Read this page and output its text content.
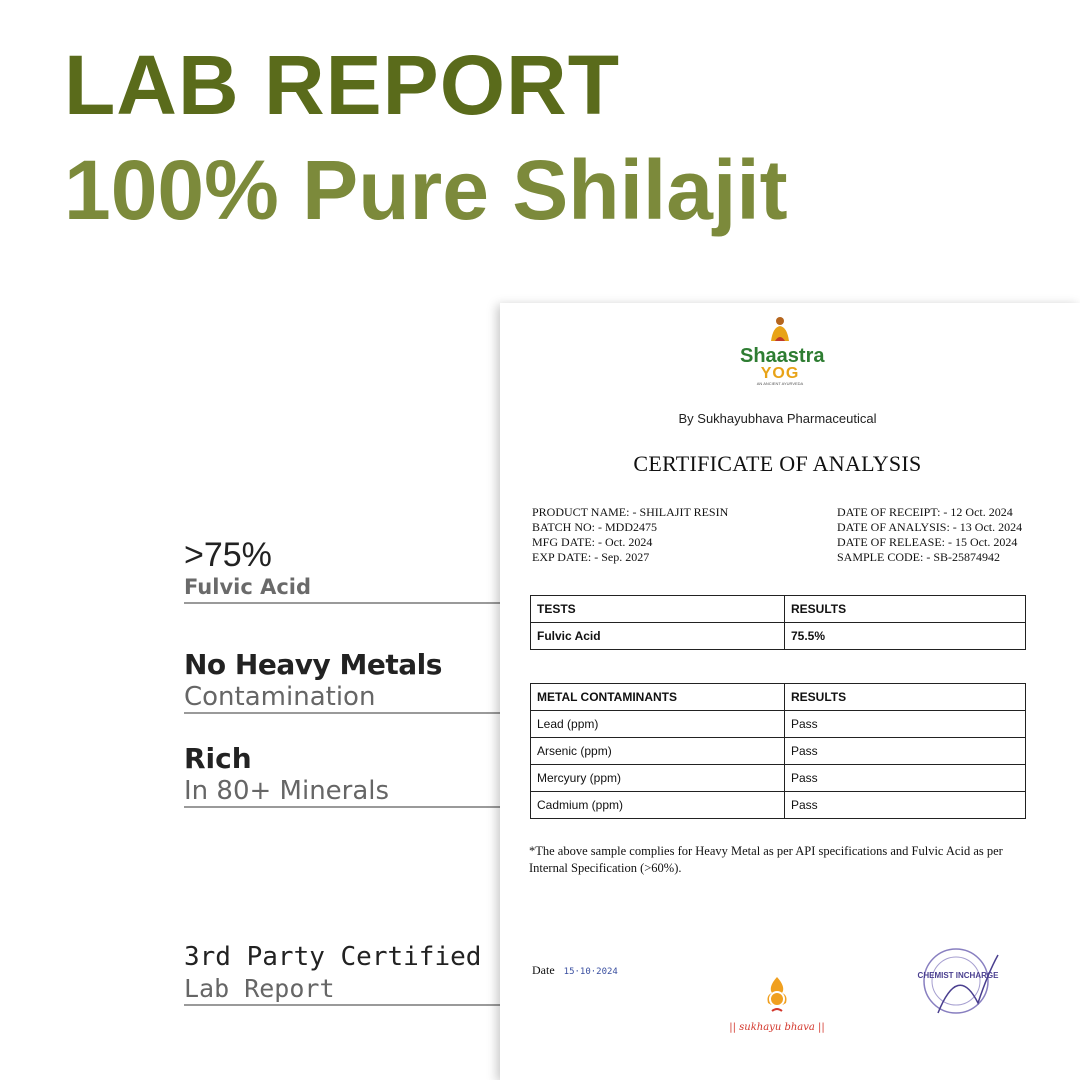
LAB REPORT
100% Pure Shilajit
>75%
Fulvic Acid
No Heavy Metals
Contamination
Rich
In 80+ Minerals
3rd Party Certified
Lab Report
Shaastra
YOG
AN ANCIENT AYURVEDA
By Sukhayubhava Pharmaceutical
CERTIFICATE OF ANALYSIS
PRODUCT NAME: - SHILAJIT RESIN
BATCH NO: - MDD2475
MFG DATE: - Oct. 2024
EXP DATE: - Sep. 2027
DATE OF RECEIPT: - 12 Oct. 2024
DATE OF ANALYSIS: - 13 Oct. 2024
DATE OF RELEASE: - 15 Oct. 2024
SAMPLE CODE: - SB-25874942
TESTS	RESULTS
Fulvic Acid	75.5%
METAL CONTAMINANTS	RESULTS
Lead (ppm)	Pass
Arsenic (ppm)	Pass
Mercyury (ppm)	Pass
Cadmium (ppm)	Pass
*The above sample complies for Heavy Metal as per API specifications and Fulvic Acid as per Internal Specification (>60%).
Date 15·10·2024
|| sukhayu bhava ||
CHEMIST INCHARGE
